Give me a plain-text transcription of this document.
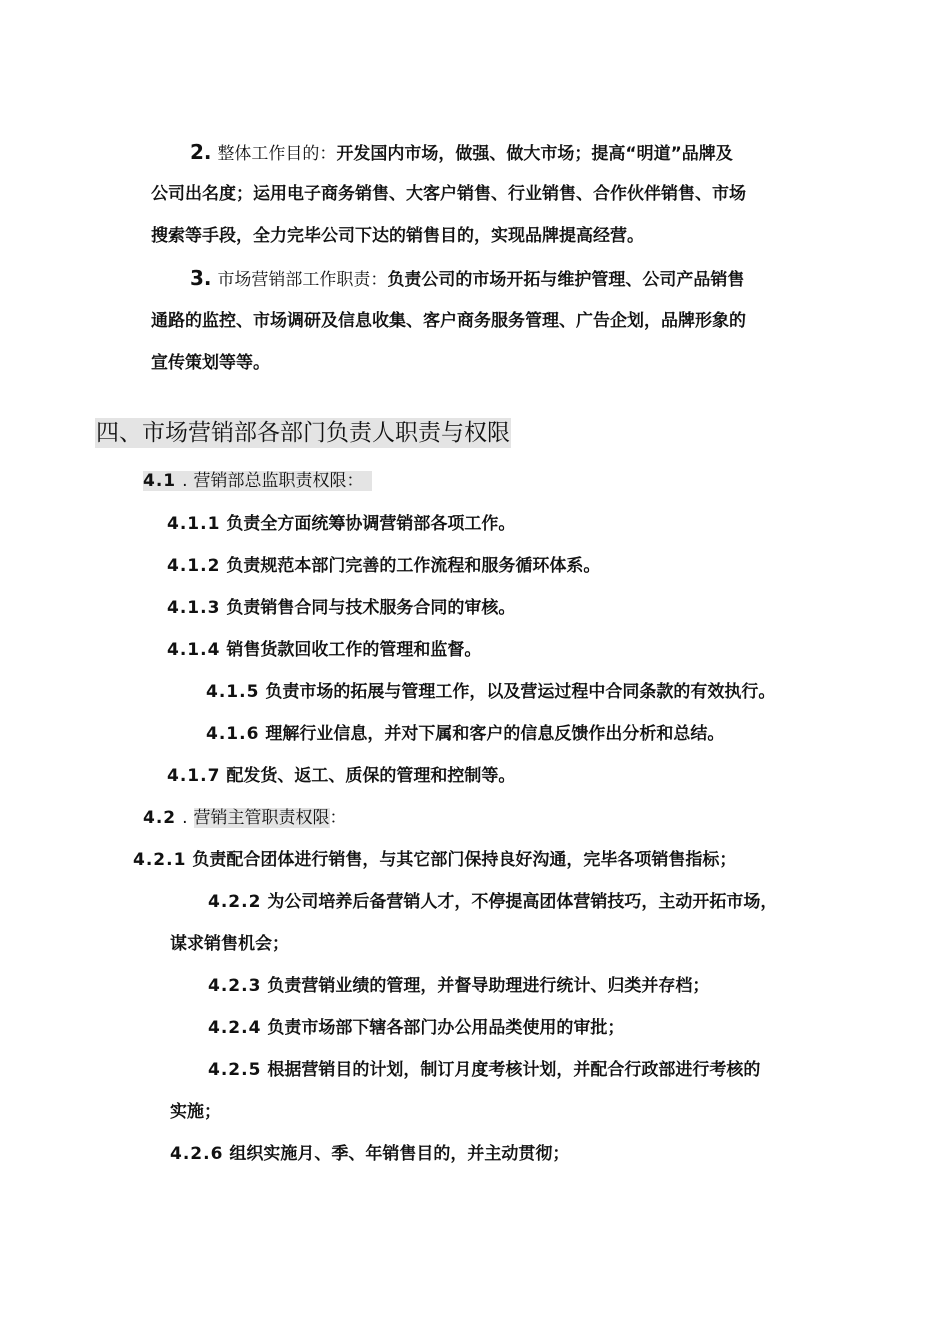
2. 整体工作目的：开发国内市场，做强、做大市场；提高“明道”品牌及
公司出名度；运用电子商务销售、大客户销售、行业销售、合作伙伴销售、市场
搜索等手段，全力完毕公司下达的销售目的，实现品牌提高经营。
3. 市场营销部工作职责：负责公司的市场开拓与维护管理、公司产品销售
通路的监控、市场调研及信息收集、客户商务服务管理、广告企划，品牌形象的
宣传策划等等。
四、市场营销部各部门负责人职责与权限
4.1 . 营销部总监职责权限：
4.1.1 负责全方面统筹协调营销部各项工作。
4.1.2 负责规范本部门完善的工作流程和服务循环体系。
4.1.3 负责销售合同与技术服务合同的审核。
4.1.4 销售货款回收工作的管理和监督。
4.1.5 负责市场的拓展与管理工作，以及营运过程中合同条款的有效执行。
4.1.6 理解行业信息，并对下属和客户的信息反馈作出分析和总结。
4.1.7 配发货、返工、质保的管理和控制等。
4.2 . 营销主管职责权限：
4.2.1 负责配合团体进行销售，与其它部门保持良好沟通，完毕各项销售指标；
4.2.2 为公司培养后备营销人才，不停提高团体营销技巧，主动开拓市场，
谋求销售机会；
4.2.3 负责营销业绩的管理，并督导助理进行统计、归类并存档；
4.2.4 负责市场部下辖各部门办公用品类使用的审批；
4.2.5 根据营销目的计划，制订月度考核计划，并配合行政部进行考核的
实施；
4.2.6 组织实施月、季、年销售目的，并主动贯彻；
